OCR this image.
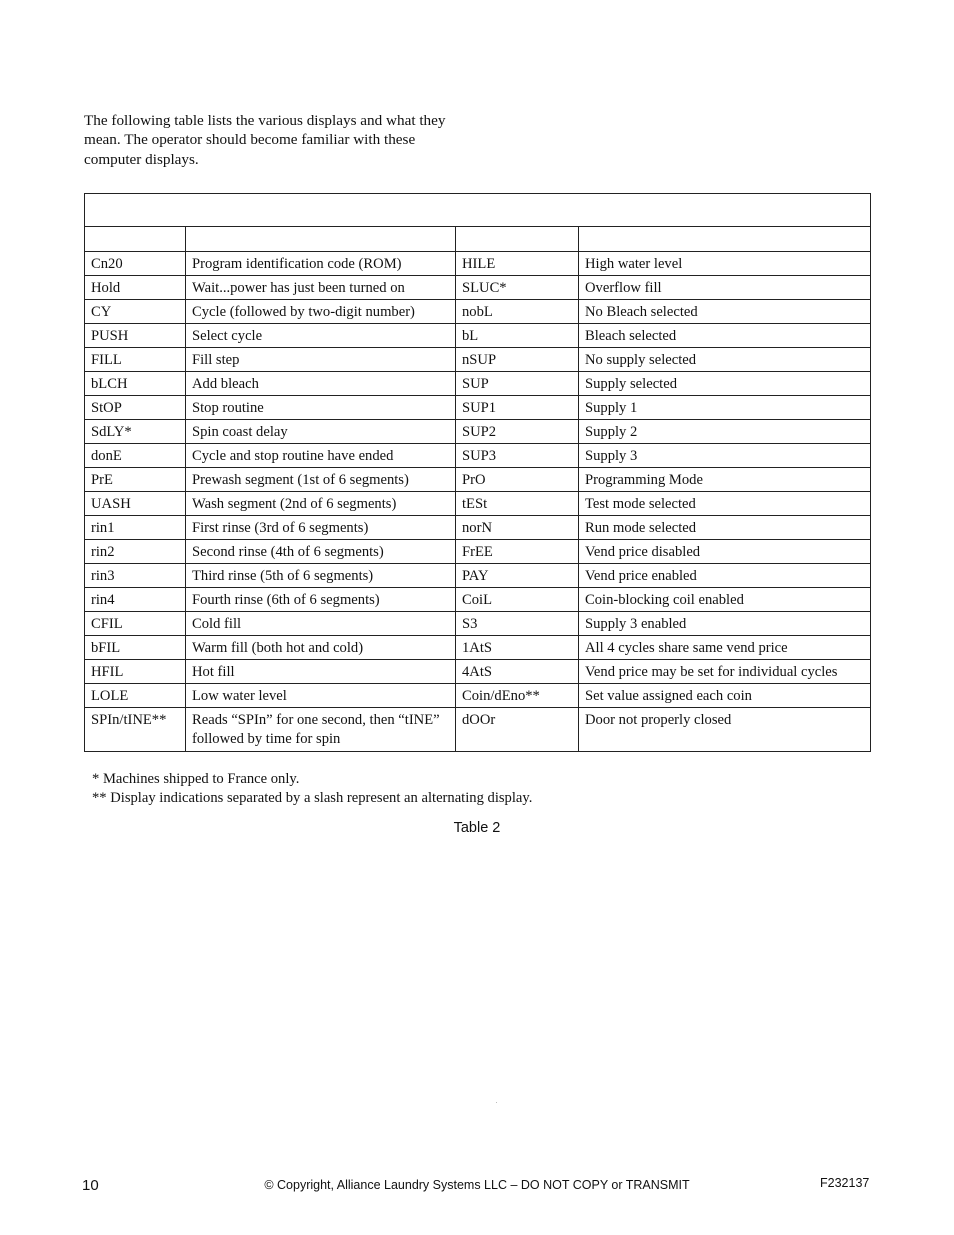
The following table lists the various displays and what they mean. The operator should become familiar with these computer displays.

Cn20	Program identification code (ROM)	HILE	High water level
Hold	Wait...power has just been turned on	SLUC*	Overflow fill
CY	Cycle (followed by two-digit number)	nobL	No Bleach selected
PUSH	Select cycle	bL	Bleach selected
FILL	Fill step	nSUP	No supply selected
bLCH	Add bleach	SUP	Supply selected
StOP	Stop routine	SUP1	Supply 1
SdLY*	Spin coast delay	SUP2	Supply 2
donE	Cycle and stop routine have ended	SUP3	Supply 3
PrE	Prewash segment (1st of 6 segments)	PrO	Programming Mode
UASH	Wash segment (2nd of 6 segments)	tESt	Test mode selected
rin1	First rinse (3rd of 6 segments)	norN	Run mode selected
rin2	Second rinse (4th of 6 segments)	FrEE	Vend price disabled
rin3	Third rinse (5th of 6 segments)	PAY	Vend price enabled
rin4	Fourth rinse (6th of 6 segments)	CoiL	Coin-blocking coil enabled
CFIL	Cold fill	S3	Supply 3 enabled
bFIL	Warm fill (both hot and cold)	1AtS	All 4 cycles share same vend price
HFIL	Hot fill	4AtS	Vend price may be set for individual cycles
LOLE	Low water level	Coin/dEno**	Set value assigned each coin
SPIn/tINE**	Reads “SPIn” for one second, then “tINE” followed by time for spin	dOOr	Door not properly closed
* Machines shipped to France only.
** Display indications separated by a slash represent an alternating display.
Table 2
10	© Copyright, Alliance Laundry Systems LLC – DO NOT COPY or TRANSMIT	F232137
